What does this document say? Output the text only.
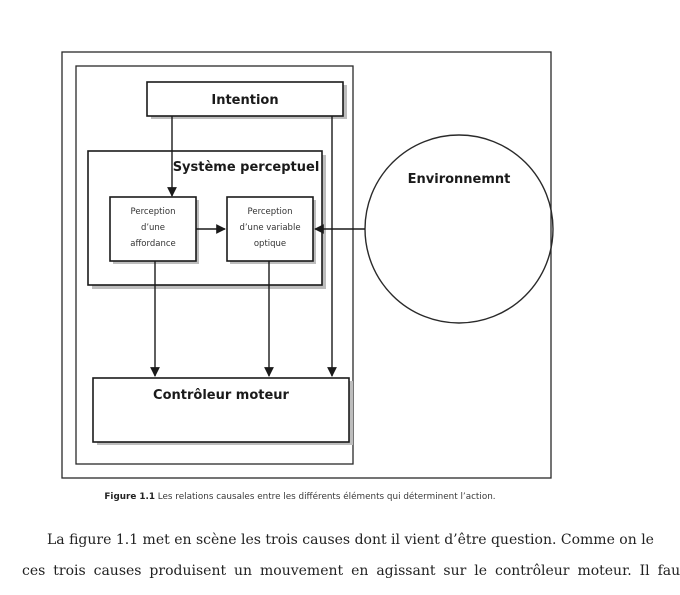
Intention
Système perceptuel
Perception
d’une
affordance
Perception
d’une variable
optique
Contrôleur moteur
Environnemnt
Figure 1.1 Les relations causales entre les différents éléments qui déterminent l’action.

La figure 1.1 met en scène les trois causes dont il vient d’être question. Comme on le

ces trois causes produisent un mouvement en agissant sur le contrôleur moteur. Il fau
